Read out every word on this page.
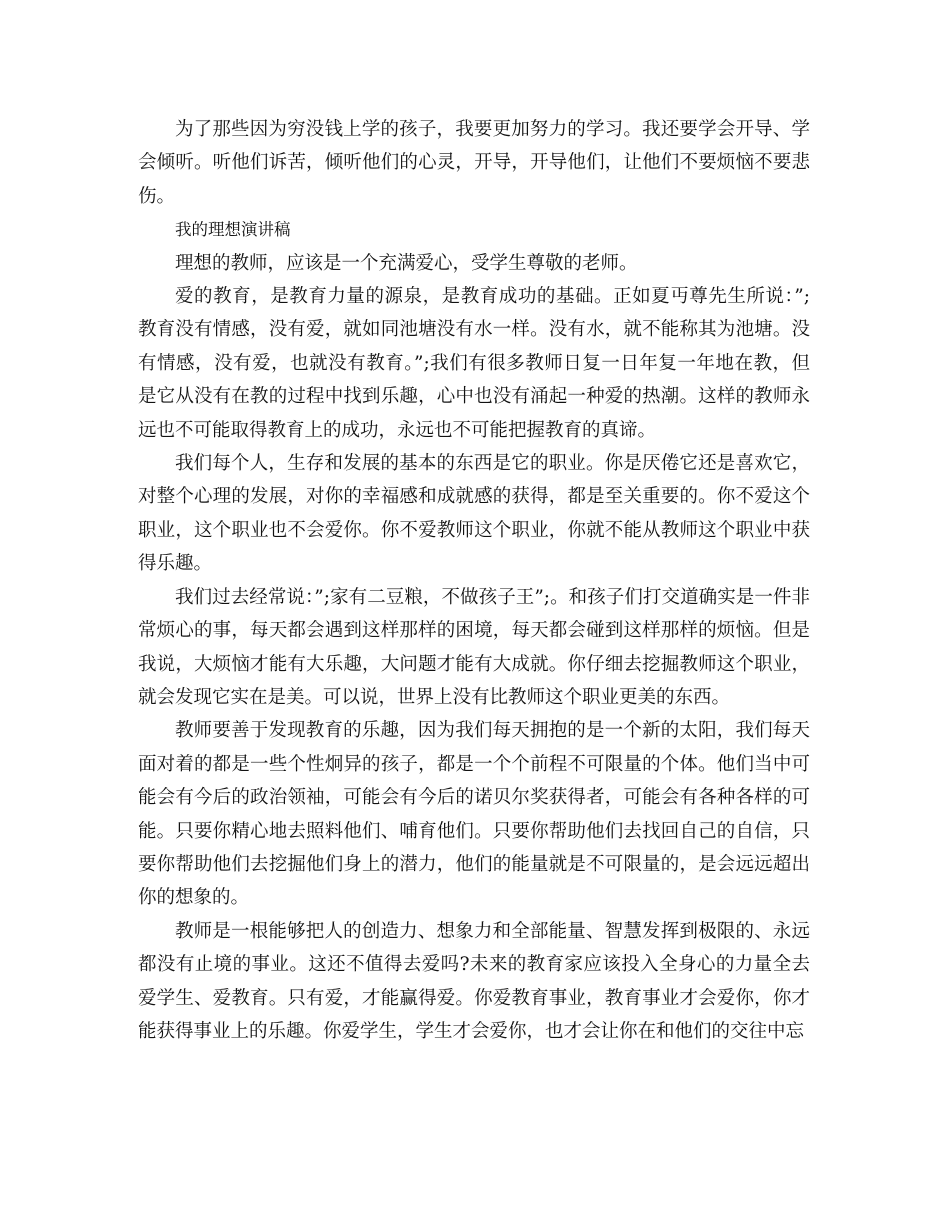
为了那些因为穷没钱上学的孩子，我要更加努力的学习。我还要学会开导、学会倾听。听他们诉苦，倾听他们的心灵，开导，开导他们，让他们不要烦恼不要悲伤。

我的理想演讲稿

理想的教师，应该是一个充满爱心，受学生尊敬的老师。

爱的教育，是教育力量的源泉，是教育成功的基础。正如夏丏尊先生所说：”;教育没有情感，没有爱，就如同池塘没有水一样。没有水，就不能称其为池塘。没有情感，没有爱，也就没有教育。”;我们有很多教师日复一日年复一年地在教，但是它从没有在教的过程中找到乐趣，心中也没有涌起一种爱的热潮。这样的教师永远也不可能取得教育上的成功，永远也不可能把握教育的真谛。

我们每个人，生存和发展的基本的东西是它的职业。你是厌倦它还是喜欢它，对整个心理的发展，对你的幸福感和成就感的获得，都是至关重要的。你不爱这个职业，这个职业也不会爱你。你不爱教师这个职业，你就不能从教师这个职业中获得乐趣。

我们过去经常说：”;家有二豆粮，不做孩子王”;。和孩子们打交道确实是一件非常烦心的事，每天都会遇到这样那样的困境，每天都会碰到这样那样的烦恼。但是我说，大烦恼才能有大乐趣，大问题才能有大成就。你仔细去挖掘教师这个职业，就会发现它实在是美。可以说，世界上没有比教师这个职业更美的东西。

教师要善于发现教育的乐趣，因为我们每天拥抱的是一个新的太阳，我们每天面对着的都是一些个性炯异的孩子，都是一个个前程不可限量的个体。他们当中可能会有今后的政治领袖，可能会有今后的诺贝尔奖获得者，可能会有各种各样的可能。只要你精心地去照料他们、哺育他们。只要你帮助他们去找回自己的自信，只要你帮助他们去挖掘他们身上的潜力，他们的能量就是不可限量的，是会远远超出你的想象的。

教师是一根能够把人的创造力、想象力和全部能量、智慧发挥到极限的、永远都没有止境的事业。这还不值得去爱吗?未来的教育家应该投入全身心的力量全去爱学生、爱教育。只有爱，才能赢得爱。你爱教育事业，教育事业才会爱你，你才能获得事业上的乐趣。你爱学生，学生才会爱你，也才会让你在和他们的交往中忘
